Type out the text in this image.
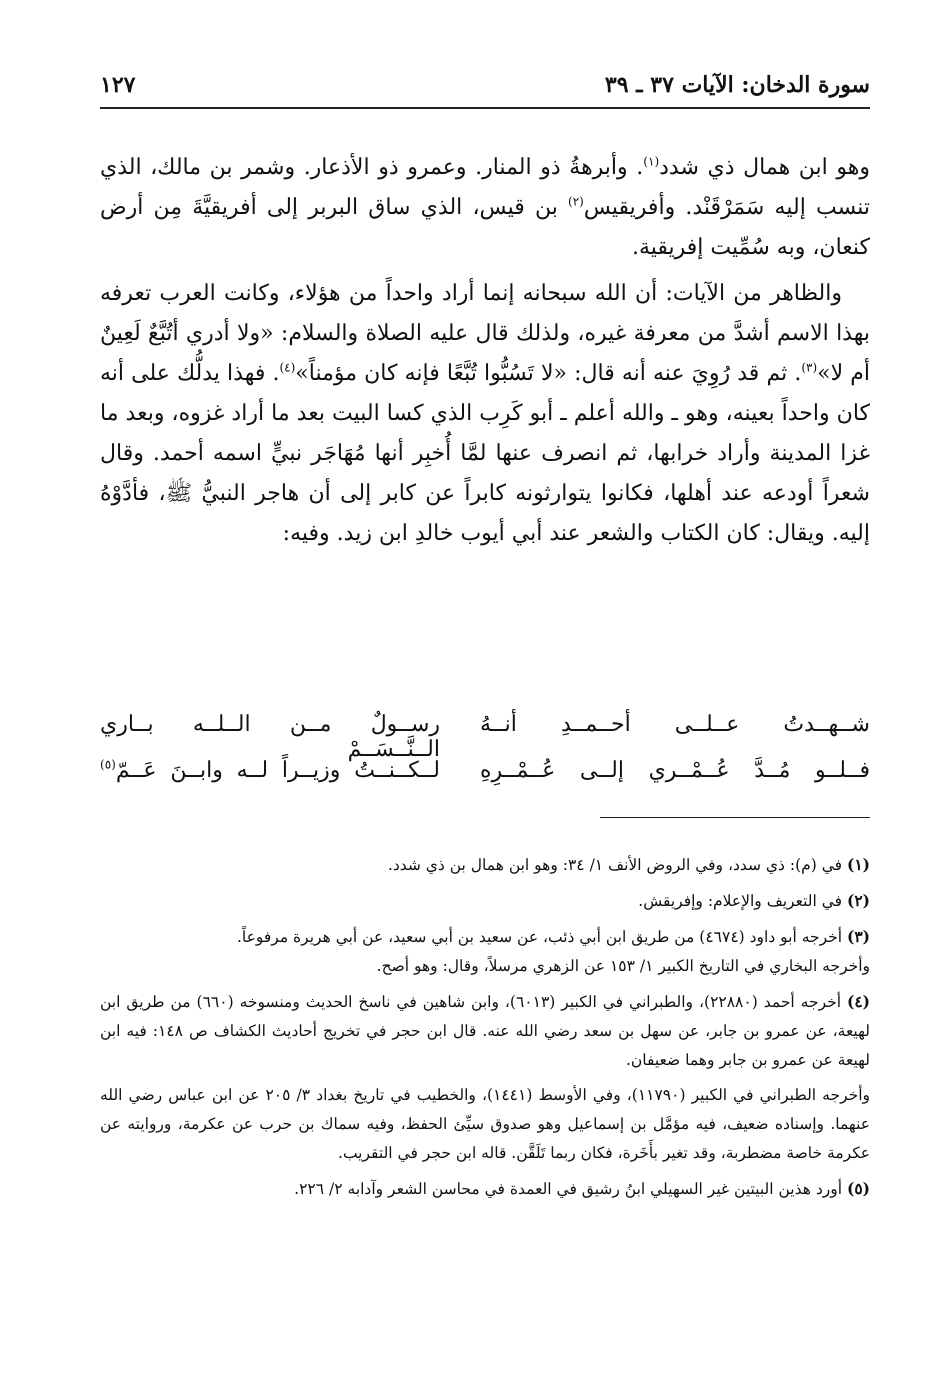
سورة الدخان: الآيات ٣٧ ـ ٣٩
١٢٧

وهو ابن همال ذي شدد$^{(١)}$. وأبرهةُ ذو المنار. وعمرو ذو الأذعار. وشمر بن مالك، الذي تنسب إليه سَمَرْقَنْد. وأفريقيس$^{(٢)}$ بن قيس، الذي ساق البربر إلى أفريقيَّةَ مِن أرض كنعان، وبه سُمِّيت إفريقية.

والظاهر من الآيات: أن الله سبحانه إنما أراد واحداً من هؤلاء، وكانت العرب تعرفه بهذا الاسم أشدَّ من معرفة غيره، ولذلك قال عليه الصلاة والسلام: «ولا أدري أتُبَّعٌ لَعِينٌ أم لا»$^{(٣)}$. ثم قد رُوِيَ عنه أنه قال: «لا تَسُبُّوا تُبَّعًا فإنه كان مؤمناً»$^{(٤)}$. فهذا يدلُّك على أنه كان واحداً بعينه، وهو ـ والله أعلم ـ أبو كَرِب الذي كسا البيت بعد ما أراد غزوه، وبعد ما غزا المدينة وأراد خرابها، ثم انصرف عنها لمَّا أُخبِر أنها مُهَاجَر نبيٍّ اسمه أحمد. وقال شعراً أودعه عند أهلها، فكانوا يتوارثونه كابراً عن كابر إلى أن هاجر النبيُّ ﷺ، فأدَّوْهُ إليه. ويقال: كان الكتاب والشعر عند أبي أيوب خالدِ ابن زيد. وفيه:

شــهــدتُ عــلــى أحــمــدِ أنــهُ
رســولٌ مــن الــلــه بــاري الــنَّــسَــمْ
فــلــو مُــدَّ عُــمْــري إلــى عُــمْــرِهِ
لــكــنــتُ وزيــراً لــه وابــنَ عَــمّ$^{(٥)}$

(١) في (م): ذي سدد، وفي الروض الأنف ١/ ٣٤: وهو ابن همال بن ذي شدد.

(٢) في التعريف والإعلام: وإفريقش.

(٣) أخرجه أبو داود (٤٦٧٤) من طريق ابن أبي ذئب، عن سعيد بن أبي سعيد، عن أبي هريرة مرفوعاً.
وأخرجه البخاري في التاريخ الكبير ١/ ١٥٣ عن الزهري مرسلاً، وقال: وهو أصح.

(٤) أخرجه أحمد (٢٢٨٨٠)، والطبراني في الكبير (٦٠١٣)، وابن شاهين في ناسخ الحديث ومنسوخه (٦٦٠) من طريق ابن لهيعة، عن عمرو بن جابر، عن سهل بن سعد رضي الله عنه. قال ابن حجر في تخريج أحاديث الكشاف ص ١٤٨: فيه ابن لهيعة عن عمرو بن جابر وهما ضعيفان.

وأخرجه الطبراني في الكبير (١١٧٩٠)، وفي الأوسط (١٤٤١)، والخطيب في تاريخ بغداد ٣/ ٢٠٥ عن ابن عباس رضي الله عنهما. وإسناده ضعيف، فيه مؤمَّل بن إسماعيل وهو صدوق سيِّئ الحفظ، وفيه سماك بن حرب عن عكرمة، وروايته عن عكرمة خاصة مضطربة، وقد تغير بأَخَرة، فكان ربما تَلَقَّن. قاله ابن حجر في التقريب.

(٥) أورد هذين البيتين غير السهيلي ابنُ رشيق في العمدة في محاسن الشعر وآدابه ٢/ ٢٢٦.
